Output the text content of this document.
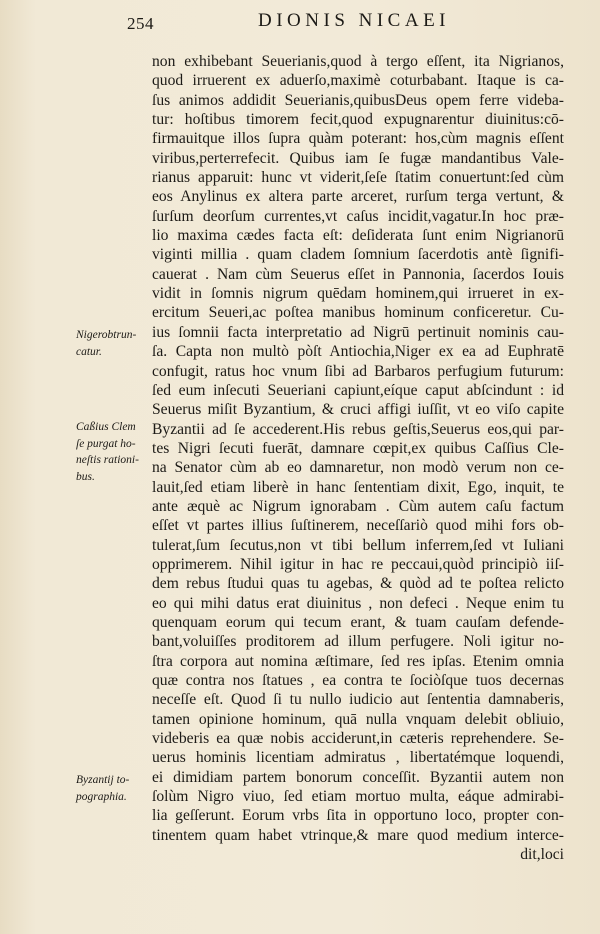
254	DIONIS NICAEI
Nigerobtrun-
catur.
Caßius Clem
ſe purgat ho-
neſtis rationi-
bus.
Byzantij to-
pographia.
non exhibebant Seuerianis,quod à tergo eſſent, ita Nigrianos,
quod irruerent ex aduerſo,maximè coturbabant. Itaque is ca-
ſus animos addidit Seuerianis,quibusDeus opem ferre videba-
tur: hoſtibus timorem fecit,quod expugnarentur diuinitus:cō-
firmauitque illos ſupra quàm poterant: hos,cùm magnis eſſent
viribus,perterrefecit. Quibus iam ſe fugæ mandantibus Vale-
rianus apparuit: hunc vt viderit,ſeſe ſtatim conuertunt:ſed cùm
eos Anylinus ex altera parte arceret, rurſum terga vertunt, &
ſurſum deorſum currentes,vt caſus incidit,vagatur.In hoc præ-
lio maxima cædes facta eſt: deſiderata ſunt enim Nigrianorū
viginti millia . quam cladem ſomnium ſacerdotis antè ſignifi-
cauerat . Nam cùm Seuerus eſſet in Pannonia, ſacerdos Iouis
vidit in ſomnis nigrum quēdam hominem,qui irrueret in ex-
ercitum Seueri,ac poſtea manibus hominum conficeretur. Cu-
ius ſomnii facta interpretatio ad Nigrū pertinuit nominis cau-
ſa. Capta non multò pòſt Antiochia,Niger ex ea ad Euphratē
confugit, ratus hoc vnum ſibi ad Barbaros perfugium futurum:
ſed eum inſecuti Seueriani capiunt,eíque caput abſcindunt : id
Seuerus miſit Byzantium, & cruci affigi iuſſit, vt eo viſo capite
Byzantii ad ſe accederent.His rebus geſtis,Seuerus eos,qui par-
tes Nigri ſecuti fuerāt, damnare cœpit,ex quibus Caſſius Cle-
na Senator cùm ab eo damnaretur, non modò verum non ce-
lauit,ſed etiam liberè in hanc ſententiam dixit, Ego, inquit, te
ante æquè ac Nigrum ignorabam . Cùm autem caſu factum
eſſet vt partes illius ſuſtinerem, neceſſariò quod mihi fors ob-
tulerat,ſum ſecutus,non vt tibi bellum inferrem,ſed vt Iuliani
opprimerem. Nihil igitur in hac re peccaui,quòd principiò iiſ-
dem rebus ſtudui quas tu agebas, & quòd ad te poſtea relicto
eo qui mihi datus erat diuinitus , non defeci . Neque enim tu
quenquam eorum qui tecum erant, & tuam cauſam defende-
bant,voluiſſes proditorem ad illum perfugere. Noli igitur no-
ſtra corpora aut nomina æſtimare, ſed res ipſas. Etenim omnia
quæ contra nos ſtatues , ea contra te ſociòſque tuos decernas
neceſſe eſt. Quod ſi tu nullo iudicio aut ſententia damnaberis,
tamen opinione hominum, quā nulla vnquam delebit obliuio,
videberis ea quæ nobis acciderunt,in cæteris reprehendere. Se-
uerus hominis licentiam admiratus , libertatémque loquendi,
ei dimidiam partem bonorum conceſſit. Byzantii autem non
ſolùm Nigro viuo, ſed etiam mortuo multa, eáque admirabi-
lia geſſerunt. Eorum vrbs ſita in opportuno loco, propter con-
tinentem quam habet vtrinque,& mare quod medium interce-
dit,loci
